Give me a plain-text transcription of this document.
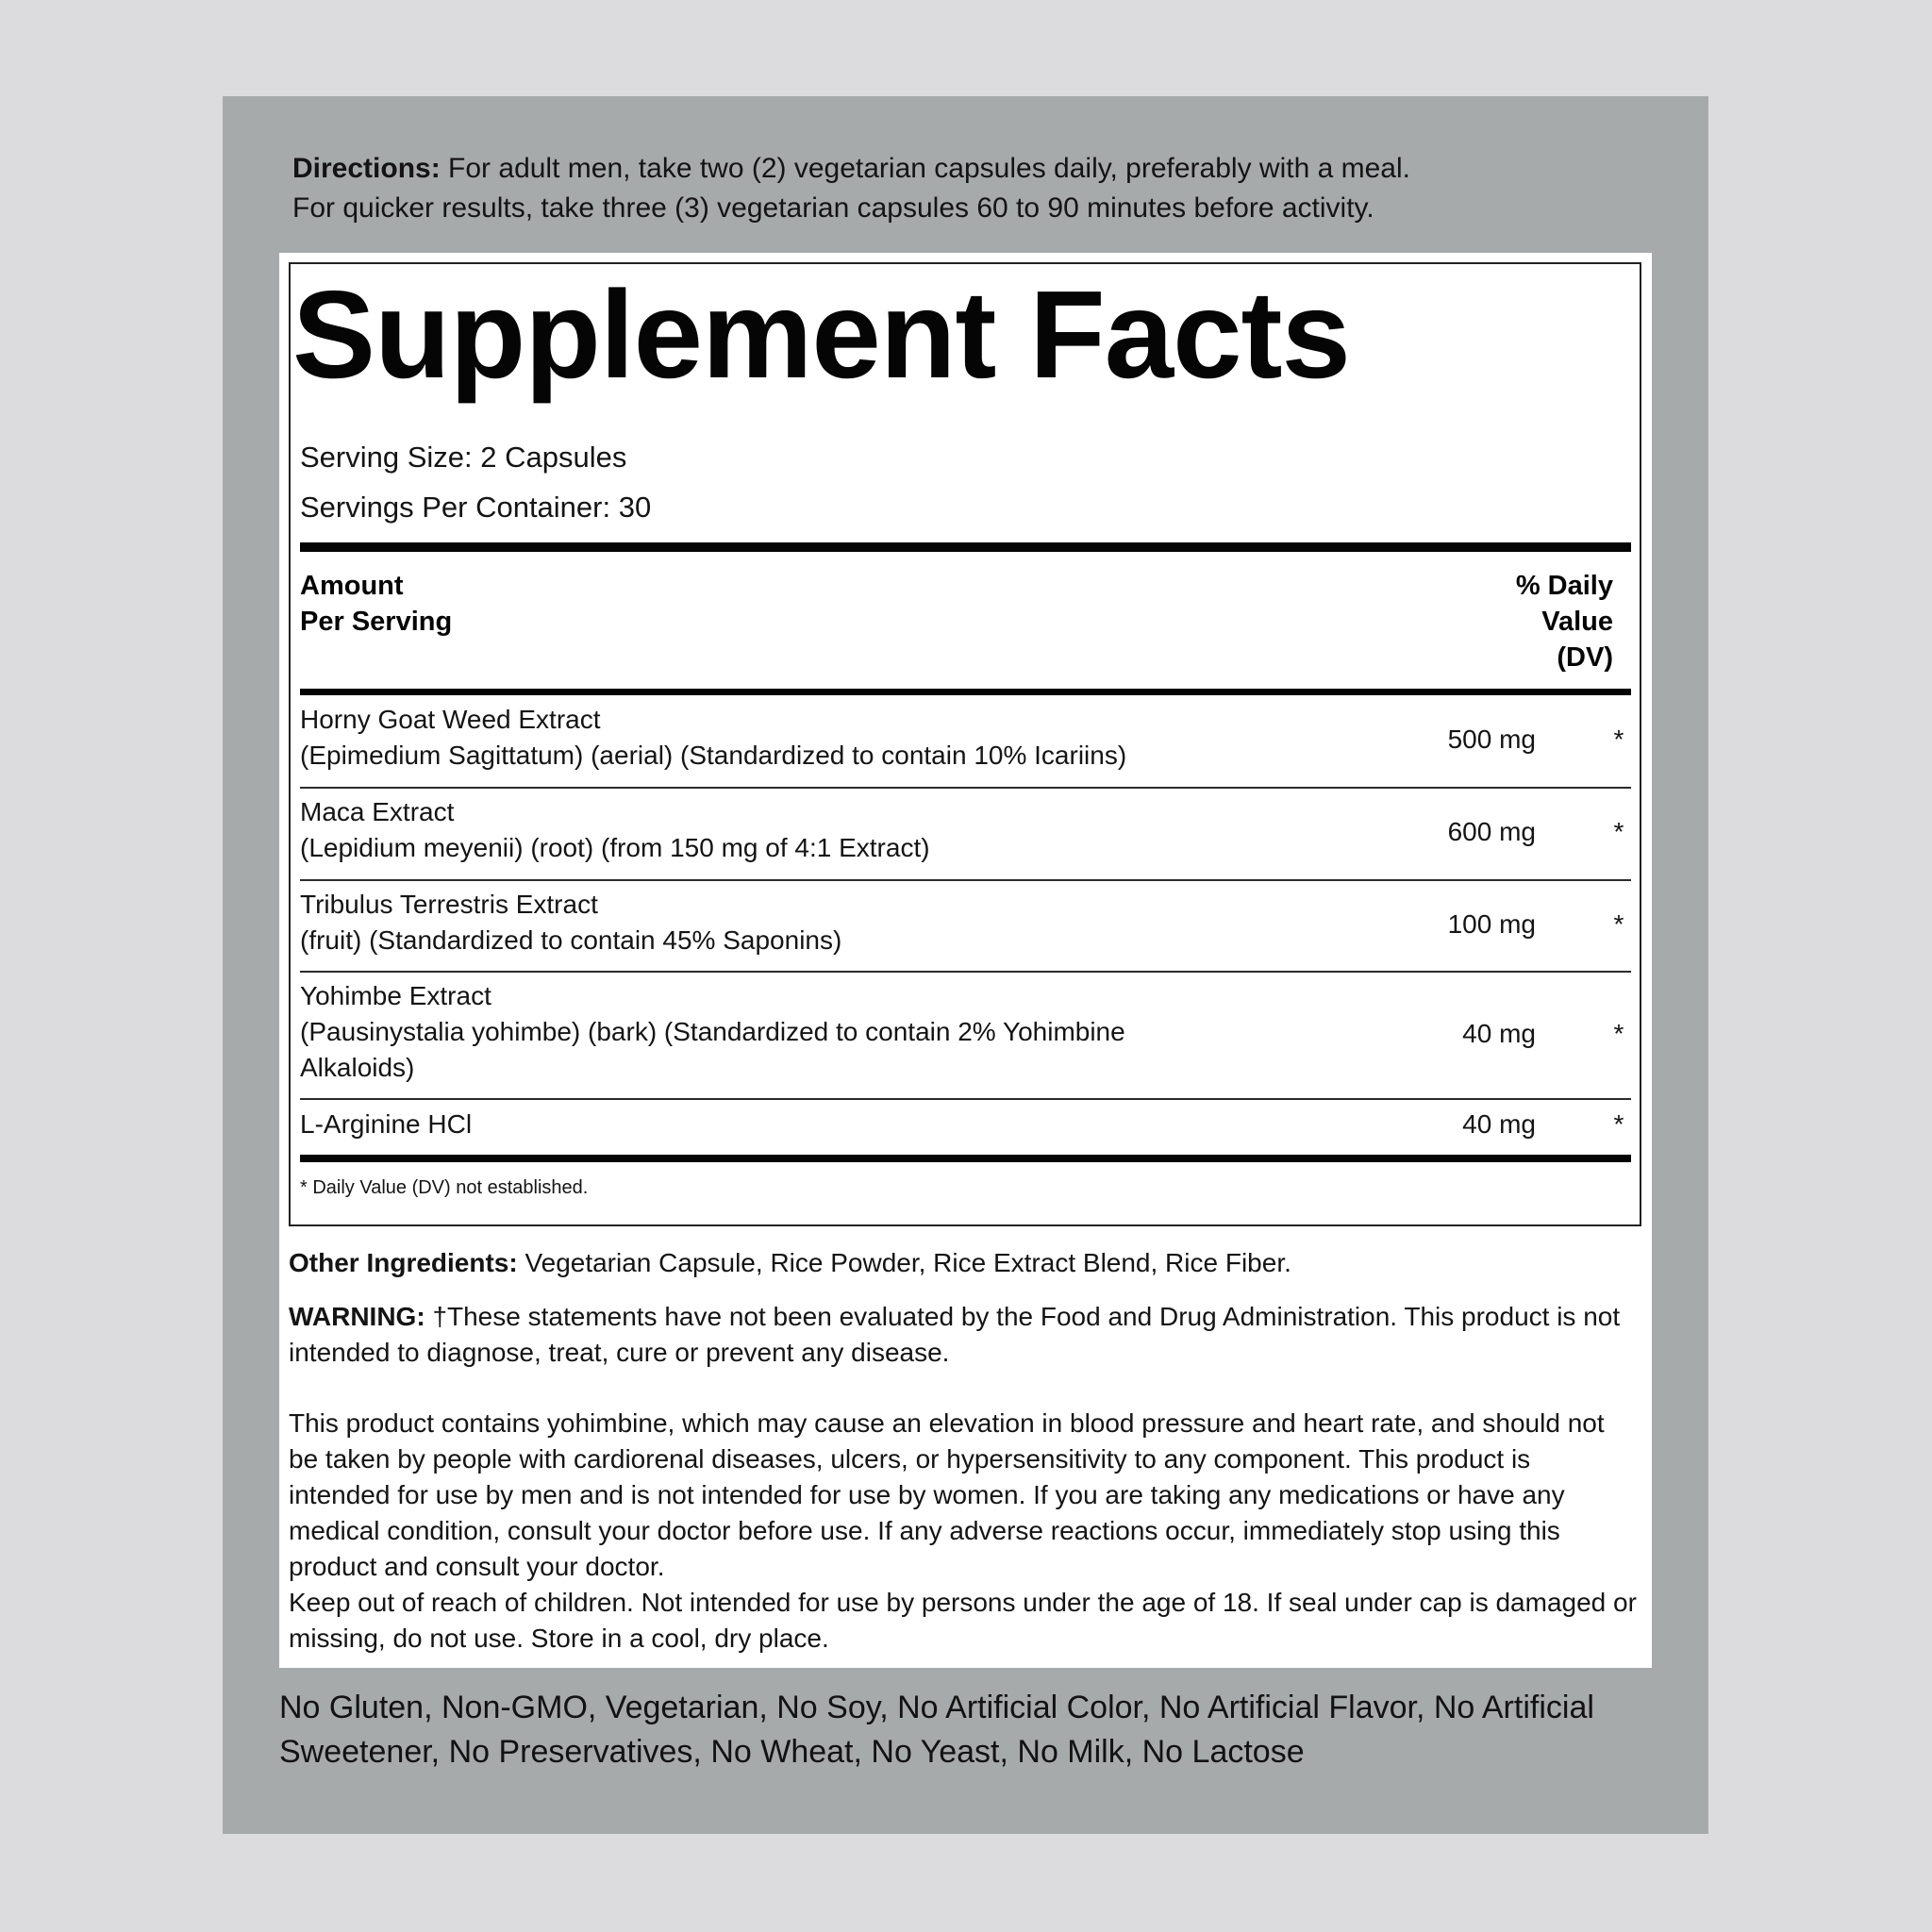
Directions: For adult men, take two (2) vegetarian capsules daily, preferably with a meal.
For quicker results, take three (3) vegetarian capsules 60 to 90 minutes before activity.
Supplement Facts
Serving Size: 2 Capsules
Servings Per Container: 30
Amount
Per Serving
% Daily
Value
(DV)
Horny Goat Weed Extract
(Epimedium Sagittatum) (aerial) (Standardized to contain 10% Icariins)
500 mg	*
Maca Extract
(Lepidium meyenii) (root) (from 150 mg of 4:1 Extract)
600 mg	*
Tribulus Terrestris Extract
(fruit) (Standardized to contain 45% Saponins)
100 mg	*
Yohimbe Extract
(Pausinystalia yohimbe) (bark) (Standardized to contain 2% Yohimbine
Alkaloids)
40 mg	*
L-Arginine HCl	40 mg	*
* Daily Value (DV) not established.
Other Ingredients: Vegetarian Capsule, Rice Powder, Rice Extract Blend, Rice Fiber.
WARNING: †These statements have not been evaluated by the Food and Drug Administration. This product is not intended to diagnose, treat, cure or prevent any disease.
This product contains yohimbine, which may cause an elevation in blood pressure and heart rate, and should not be taken by people with cardiorenal diseases, ulcers, or hypersensitivity to any component. This product is intended for use by men and is not intended for use by women. If you are taking any medications or have any medical condition, consult your doctor before use. If any adverse reactions occur, immediately stop using this product and consult your doctor.
Keep out of reach of children. Not intended for use by persons under the age of 18. If seal under cap is damaged or missing, do not use. Store in a cool, dry place.
No Gluten, Non-GMO, Vegetarian, No Soy, No Artificial Color, No Artificial Flavor, No Artificial Sweetener, No Preservatives, No Wheat, No Yeast, No Milk, No Lactose
